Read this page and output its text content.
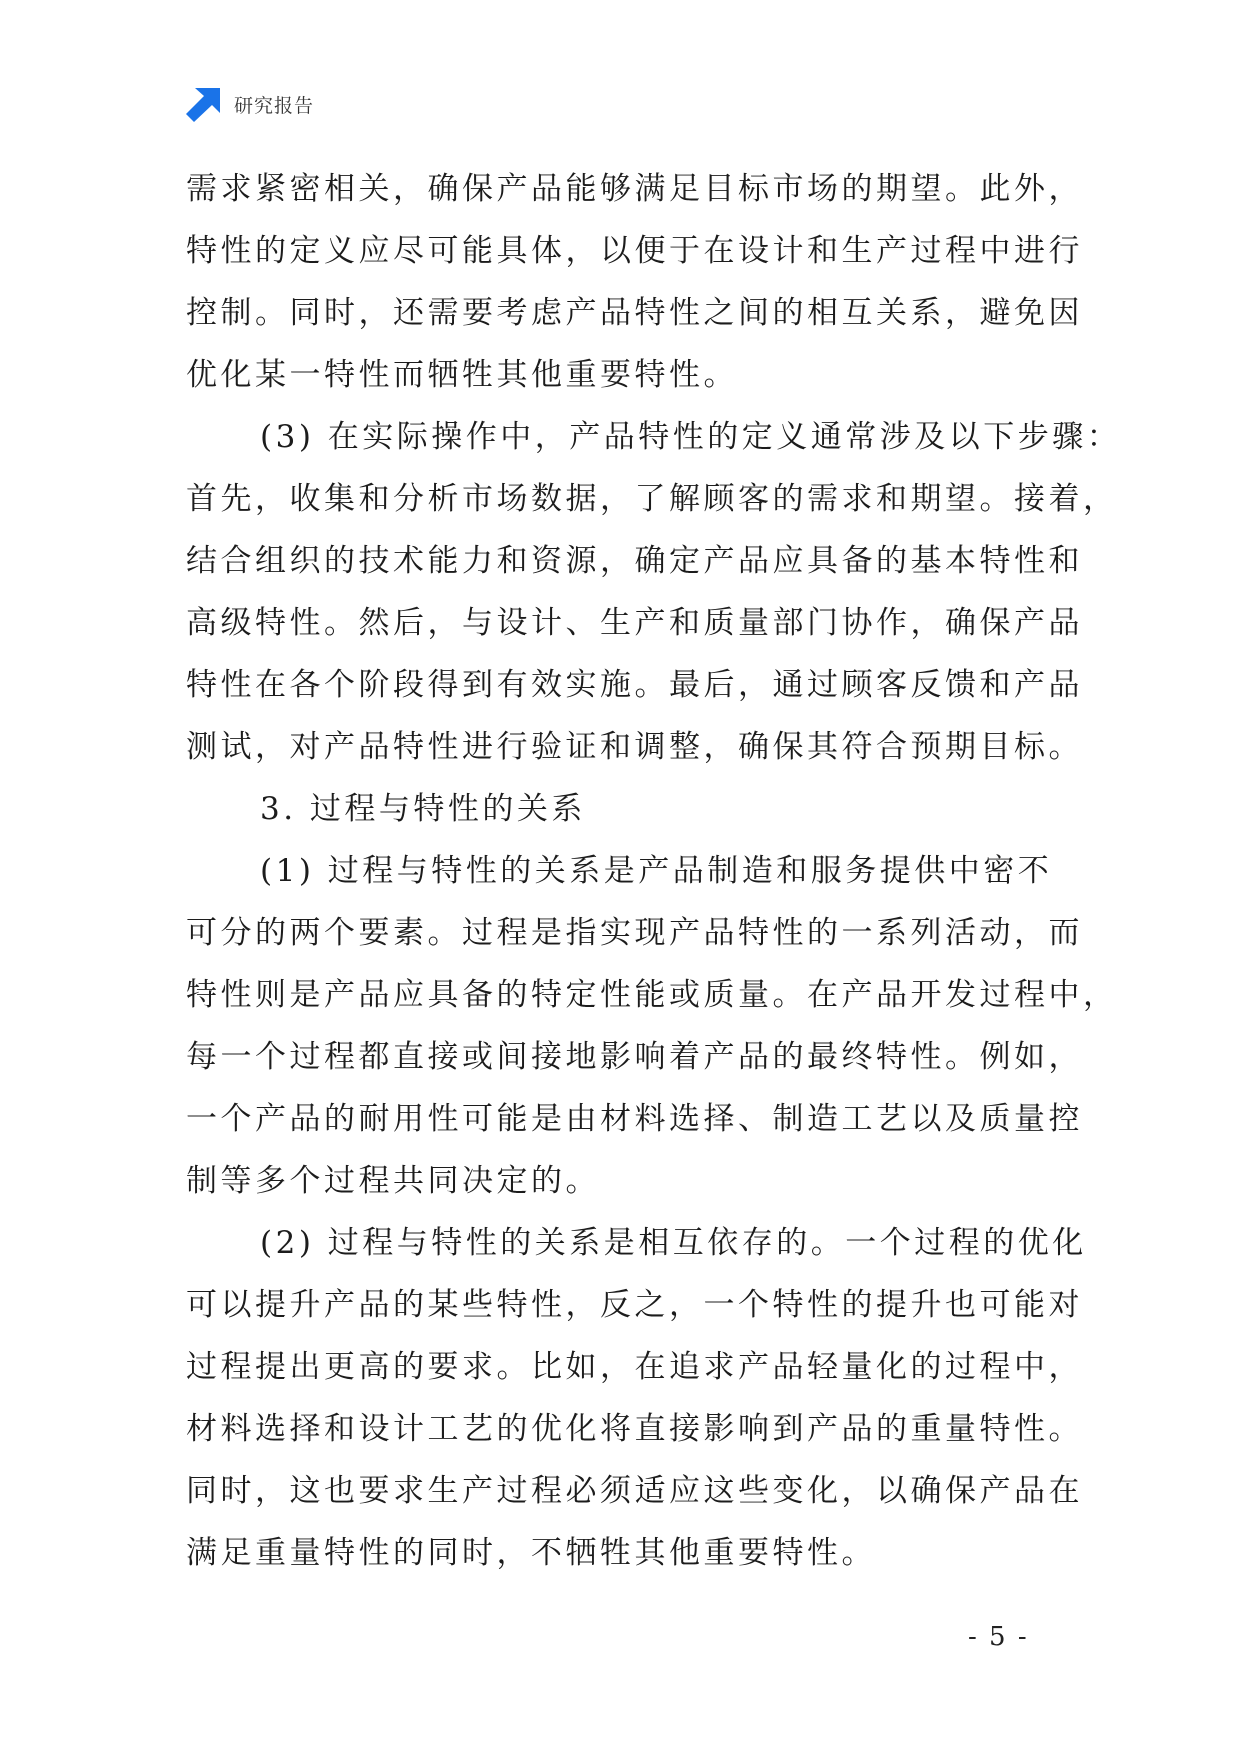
研究报告
需求紧密相关，确保产品能够满足目标市场的期望。此外，
特性的定义应尽可能具体，以便于在设计和生产过程中进行
控制。同时，还需要考虑产品特性之间的相互关系，避免因
优化某一特性而牺牲其他重要特性。
(3) 在实际操作中，产品特性的定义通常涉及以下步骤：
首先，收集和分析市场数据，了解顾客的需求和期望。接着，
结合组织的技术能力和资源，确定产品应具备的基本特性和
高级特性。然后，与设计、生产和质量部门协作，确保产品
特性在各个阶段得到有效实施。最后，通过顾客反馈和产品
测试，对产品特性进行验证和调整，确保其符合预期目标。
3. 过程与特性的关系
(1) 过程与特性的关系是产品制造和服务提供中密不
可分的两个要素。过程是指实现产品特性的一系列活动，而
特性则是产品应具备的特定性能或质量。在产品开发过程中，
每一个过程都直接或间接地影响着产品的最终特性。例如，
一个产品的耐用性可能是由材料选择、制造工艺以及质量控
制等多个过程共同决定的。
(2) 过程与特性的关系是相互依存的。一个过程的优化
可以提升产品的某些特性，反之，一个特性的提升也可能对
过程提出更高的要求。比如，在追求产品轻量化的过程中，
材料选择和设计工艺的优化将直接影响到产品的重量特性。
同时，这也要求生产过程必须适应这些变化，以确保产品在
满足重量特性的同时，不牺牲其他重要特性。
- 5 -
